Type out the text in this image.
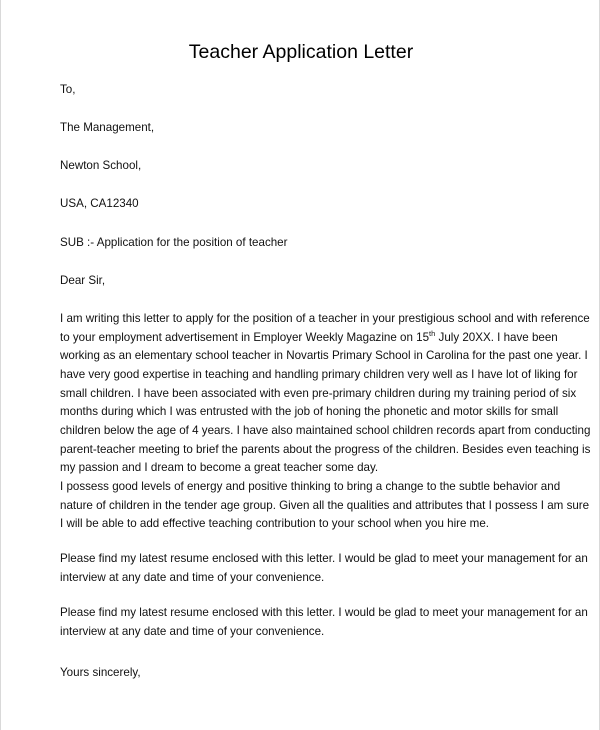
Teacher Application Letter
To,
The Management,
Newton School,
USA, CA12340
SUB :- Application for the position of teacher
Dear Sir,
I am writing this letter to apply for the position of a teacher in your prestigious school and with reference
to your employment advertisement in Employer Weekly Magazine on 15th July 20XX. I have been
working as an elementary school teacher in Novartis Primary School in Carolina for the past one year. I
have very good expertise in teaching and handling primary children very well as I have lot of liking for
small children. I have been associated with even pre-primary children during my training period of six
months during which I was entrusted with the job of honing the phonetic and motor skills for small
children below the age of 4 years. I have also maintained school children records apart from conducting
parent-teacher meeting to brief the parents about the progress of the children. Besides even teaching is
my passion and I dream to become a great teacher some day.
I possess good levels of energy and positive thinking to bring a change to the subtle behavior and
nature of children in the tender age group. Given all the qualities and attributes that I possess I am sure
I will be able to add effective teaching contribution to your school when you hire me.
Please find my latest resume enclosed with this letter. I would be glad to meet your management for an
interview at any date and time of your convenience.
Please find my latest resume enclosed with this letter. I would be glad to meet your management for an
interview at any date and time of your convenience.
Yours sincerely,
